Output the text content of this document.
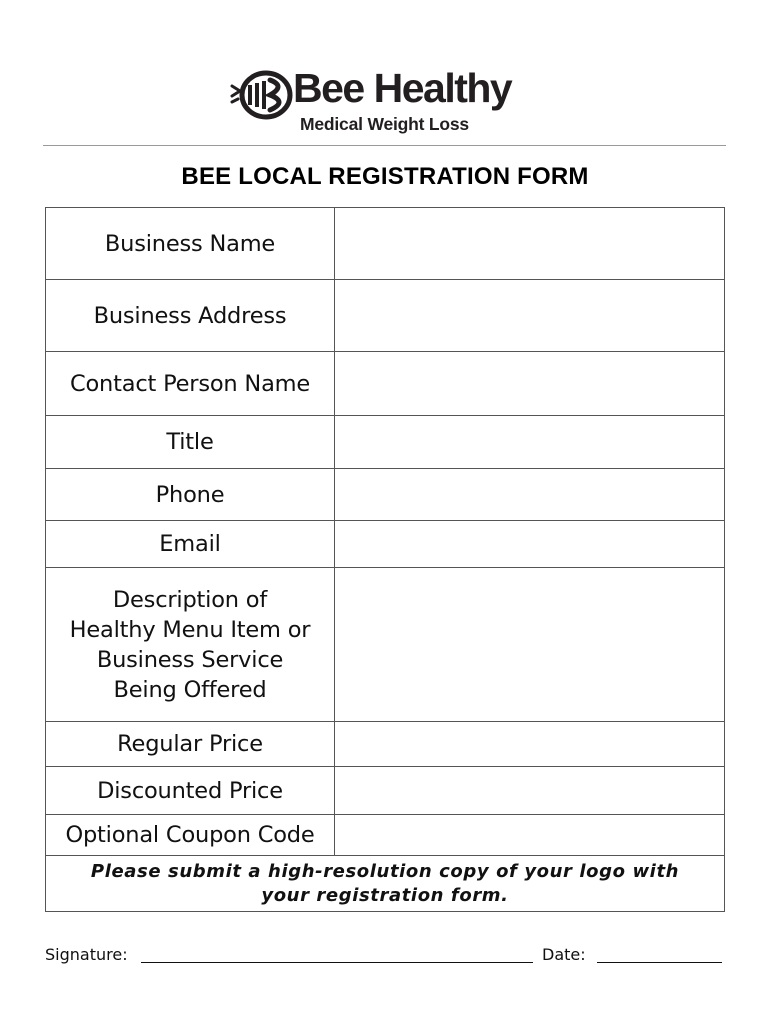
Bee Healthy
Medical Weight Loss
BEE LOCAL REGISTRATION FORM
Business Name	
Business Address	
Contact Person Name	
Title	
Phone	
Email	
Description of Healthy Menu Item or Business Service Being Offered	
Regular Price	
Discounted Price	
Optional Coupon Code	
Please submit a high-resolution copy of your logo with your registration form.	
Signature:	Date:
